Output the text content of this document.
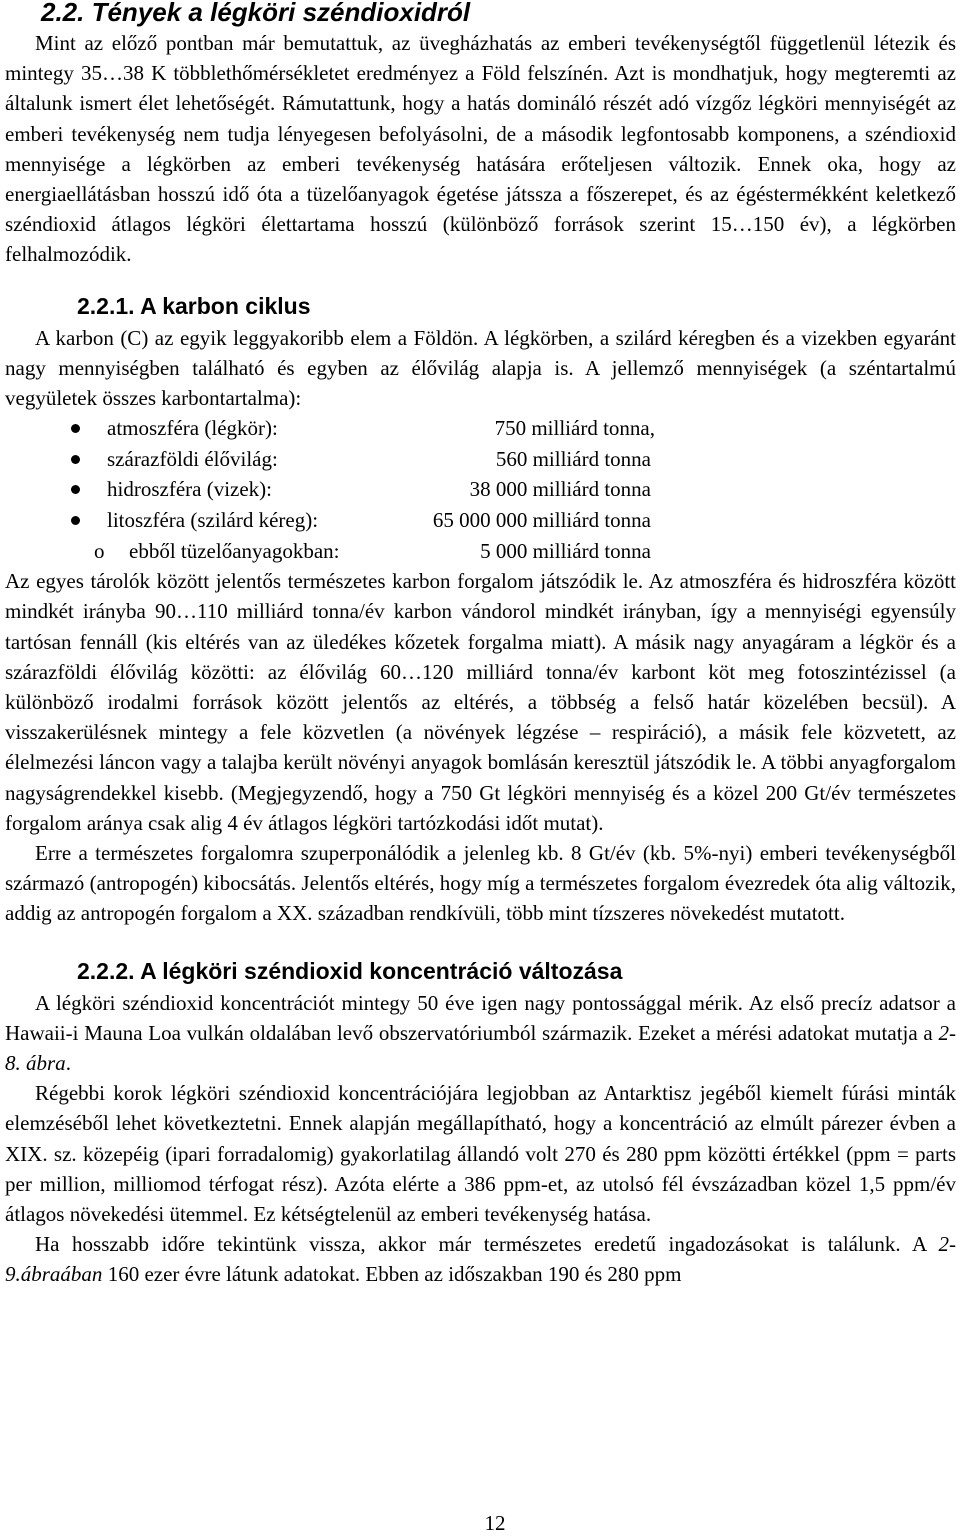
2.2. Tények a légköri széndioxidról

Mint az előző pontban már bemutattuk, az üvegházhatás az emberi tevékenységtől függetlenül létezik és mintegy 35…38 K többlethőmérsékletet eredményez a Föld felszínén. Azt is mondhatjuk, hogy megteremti az általunk ismert élet lehetőségét. Rámutattunk, hogy a hatás domináló részét adó vízgőz légköri mennyiségét az emberi tevékenység nem tudja lényegesen befolyásolni, de a második legfontosabb komponens, a széndioxid mennyisége a légkörben az emberi tevékenység hatására erőteljesen változik. Ennek oka, hogy az energiaellátásban hosszú idő óta a tüzelőanyagok égetése játssza a főszerepet, és az égéstermékként keletkező széndioxid átlagos légköri élettartama hosszú (különböző források szerint 15…150 év), a légkörben felhalmozódik.

2.2.1. A karbon ciklus

A karbon (C) az egyik leggyakoribb elem a Földön. A légkörben, a szilárd kéregben és a vizekben egyaránt nagy mennyiségben található és egyben az élővilág alapja is. A jellemző mennyiségek (a széntartalmú vegyületek összes karbontartalma):

atmoszféra (légkör):	750 milliárd tonna,
szárazföldi élővilág:	560 milliárd tonna
hidroszféra (vizek):	38 000 milliárd tonna
litoszféra (szilárd kéreg):	65 000 000 milliárd tonna
o ebből tüzelőanyagokban:	5 000 milliárd tonna

Az egyes tárolók között jelentős természetes karbon forgalom játszódik le. Az atmoszféra és hidroszféra között mindkét irányba 90…110 milliárd tonna/év karbon vándorol mindkét irányban, így a mennyiségi egyensúly tartósan fennáll (kis eltérés van az üledékes kőzetek forgalma miatt). A másik nagy anyagáram a légkör és a szárazföldi élővilág közötti: az élővilág 60…120 milliárd tonna/év karbont köt meg fotoszintézissel (a különböző irodalmi források között jelentős az eltérés, a többség a felső határ közelében becsül). A visszakerülésnek mintegy a fele közvetlen (a növények légzése – respiráció), a másik fele közvetett, az élelmezési láncon vagy a talajba került növényi anyagok bomlásán keresztül játszódik le. A többi anyagforgalom nagyságrendekkel kisebb. (Megjegyzendő, hogy a 750 Gt légköri mennyiség és a közel 200 Gt/év természetes forgalom aránya csak alig 4 év átlagos légköri tartózkodási időt mutat).

Erre a természetes forgalomra szuperponálódik a jelenleg kb. 8 Gt/év (kb. 5%-nyi) emberi tevékenységből származó (antropogén) kibocsátás. Jelentős eltérés, hogy míg a természetes forgalom évezredek óta alig változik, addig az antropogén forgalom a XX. században rendkívüli, több mint tízszeres növekedést mutatott.

2.2.2. A légköri széndioxid koncentráció változása

A légköri széndioxid koncentrációt mintegy 50 éve igen nagy pontossággal mérik. Az első precíz adatsor a Hawaii-i Mauna Loa vulkán oldalában levő obszervatóriumból származik. Ezeket a mérési adatokat mutatja a 2-8. ábra.

Régebbi korok légköri széndioxid koncentrációjára legjobban az Antarktisz jegéből kiemelt fúrási minták elemzéséből lehet következtetni. Ennek alapján megállapítható, hogy a koncentráció az elmúlt párezer évben a XIX. sz. közepéig (ipari forradalomig) gyakorlatilag állandó volt 270 és 280 ppm közötti értékkel (ppm = parts per million, milliomod térfogat rész). Azóta elérte a 386 ppm-et, az utolsó fél évszázadban közel 1,5 ppm/év átlagos növekedési ütemmel. Ez kétségtelenül az emberi tevékenység hatása.

Ha hosszabb időre tekintünk vissza, akkor már természetes eredetű ingadozásokat is találunk. A 2-9.ábraában 160 ezer évre látunk adatokat. Ebben az időszakban 190 és 280 ppm

12
